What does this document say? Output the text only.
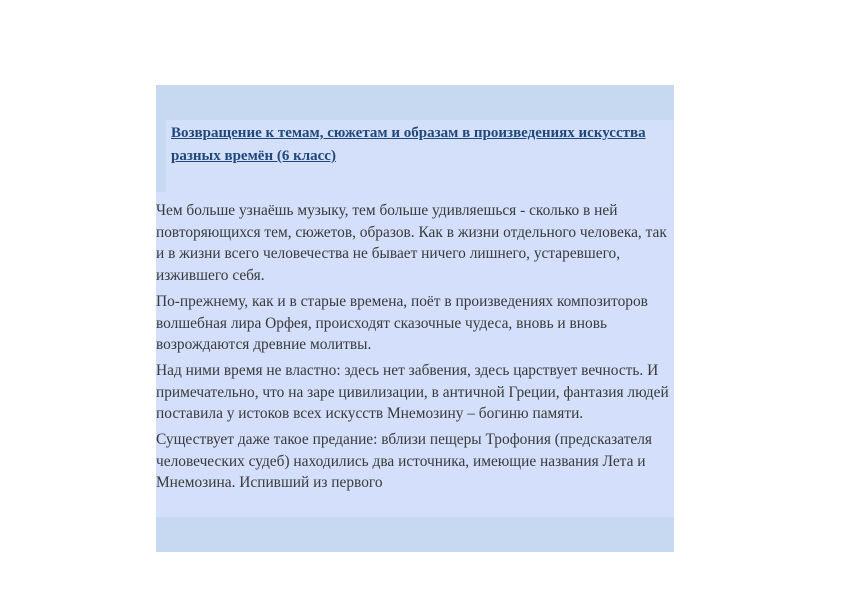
Возвращение к темам, сюжетам и образам в произведениях искусства разных времён (6 класс)

Чем больше узнаёшь музыку, тем больше удивляешься - сколько в ней повторяющихся тем, сюжетов, образов. Как в жизни отдельного человека, так и в жизни всего человечества не бывает ничего лишнего, устаревшего, изжившего себя.

По-прежнему, как и в старые времена, поёт в произведениях композиторов волшебная лира Орфея, происходят сказочные чудеса, вновь и вновь возрождаются древние молитвы.

Над ними время не властно: здесь нет забвения, здесь царствует вечность. И примечательно, что на заре цивилизации, в античной Греции, фантазия людей поставила у истоков всех искусств Мнемозину – богиню памяти.

Существует даже такое предание: вблизи пещеры Трофония (предсказателя человеческих судеб) находились два источника, имеющие названия Лета и Мнемозина. Испивший из первого
